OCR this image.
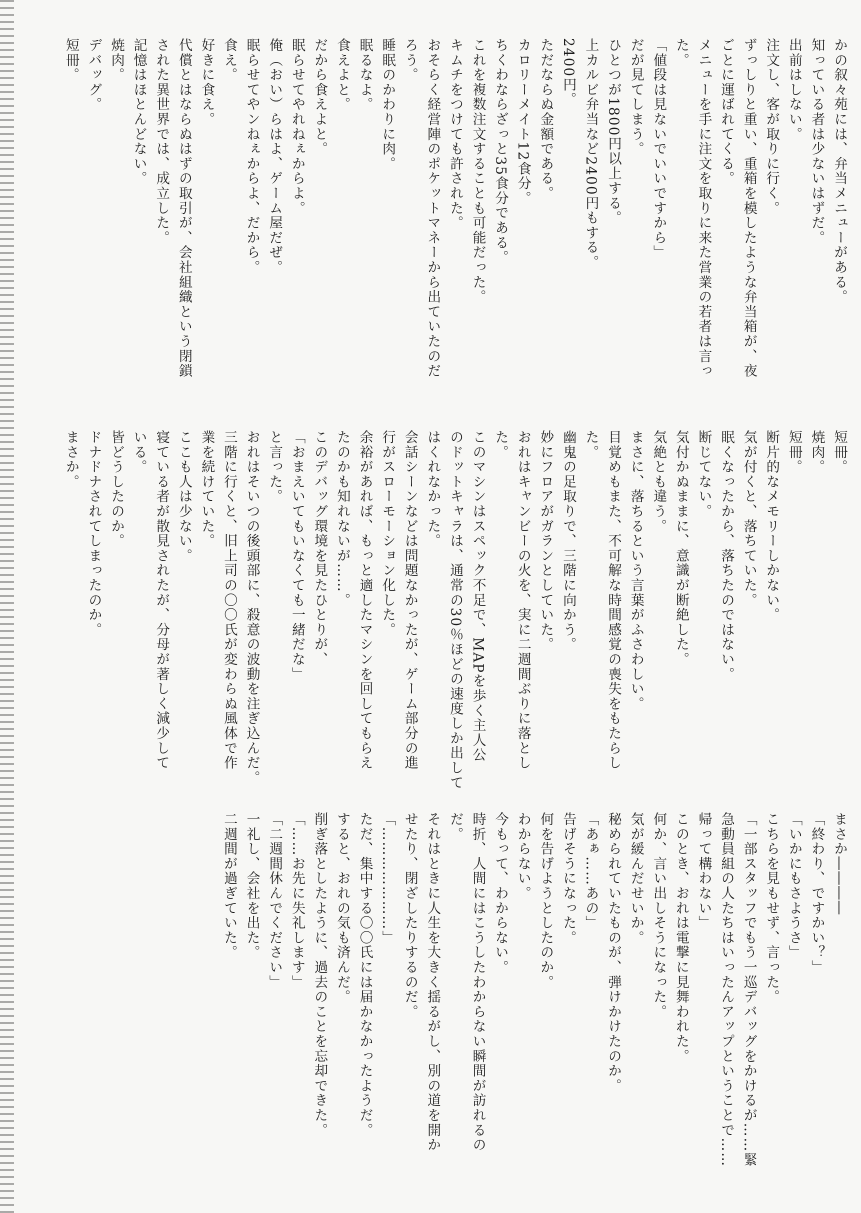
かの叙々苑には、弁当メニューがある。

知っている者は少ないはずだ。

出前はしない。

注文し、客が取りに行く。

ずっしりと重い、重箱を模したような弁当箱が、夜

ごとに運ばれてくる。

メニューを手に注文を取りに来た営業の若者は言っ

た。

「値段は見ないでいいですから」

だが見てしまう。

ひとつが1800円以上する。

上カルビ弁当など2400円もする。

2400円。

ただならぬ金額である。

カロリーメイト12食分。

ちくわならざっと35食分である。

これを複数注文することも可能だった。

キムチをつけても許された。

おそらく経営陣のポケットマネーから出ていたのだ

ろう。

睡眠のかわりに肉。

眠るなよ。

食えよと。

だから食えよと。

眠らせてやれねぇからよ。

俺（おい）らはよ、ゲーム屋だぜ。

眠らせてやンねぇからよ、だから。

食え。

好きに食え。

代償とはならぬはずの取引が、会社組織という閉鎖

された異世界では、成立した。

記憶はほとんどない。

焼肉。

デバッグ。

短冊。

短冊。

焼肉。

短冊。

断片的なメモリーしかない。

気が付くと、落ちていた。

眠くなったから、落ちたのではない。

断じてない。

気付かぬままに、意識が断絶した。

気絶とも違う。

まさに、落ちるという言葉がふさわしい。

目覚めもまた、不可解な時間感覚の喪失をもたらし

た。

幽鬼の足取りで、三階に向かう。

妙にフロアがガランとしていた。

おれはキャンビーの火を、実に二週間ぶりに落とし

た。

このマシンはスペック不足で、MAPを歩く主人公

のドットキャラは、通常の30％ほどの速度しか出して

はくれなかった。

会話シーンなどは問題なかったが、ゲーム部分の進

行がスローモーション化した。

余裕があれば、もっと適したマシンを回してもらえ

たのかも知れないが……。

このデバッグ環境を見たひとりが、

「おまえいてもいなくても一緒だな」

と言った。

おれはそいつの後頭部に、殺意の波動を注ぎ込んだ。

三階に行くと、旧上司の〇〇氏が変わらぬ風体で作

業を続けていた。

ここも人は少ない。

寝ている者が散見されたが、分母が著しく減少して

いる。

皆どうしたのか。

ドナドナされてしまったのか。

まさか。

まさか――――

「終わり、ですかい？」

「いかにもさようさ」

こちらを見もせず、言った。

「一部スタッフでもう一巡デバッグをかけるが……緊

急動員組の人たちはいったんアップということで……

帰って構わない」

このとき、おれは電撃に見舞われた。

何か、言い出しそうになった。

気が緩んだせいか。

秘められていたものが、弾けかけたのか。

「あぁ……あの」

告げそうになった。

何を告げようとしたのか。

わからない。

今もって、わからない。

時折、人間にはこうしたわからない瞬間が訪れるの

だ。

それはときに人生を大きく揺るがし、別の道を開か

せたり、閉ざしたりするのだ。

「…………………」

ただ、集中する〇〇氏には届かなかったようだ。

すると、おれの気も済んだ。

削ぎ落としたように、過去のことを忘却できた。

「……お先に失礼します」

「二週間休んでください」

一礼し、会社を出た。

二週間が過ぎていた。
